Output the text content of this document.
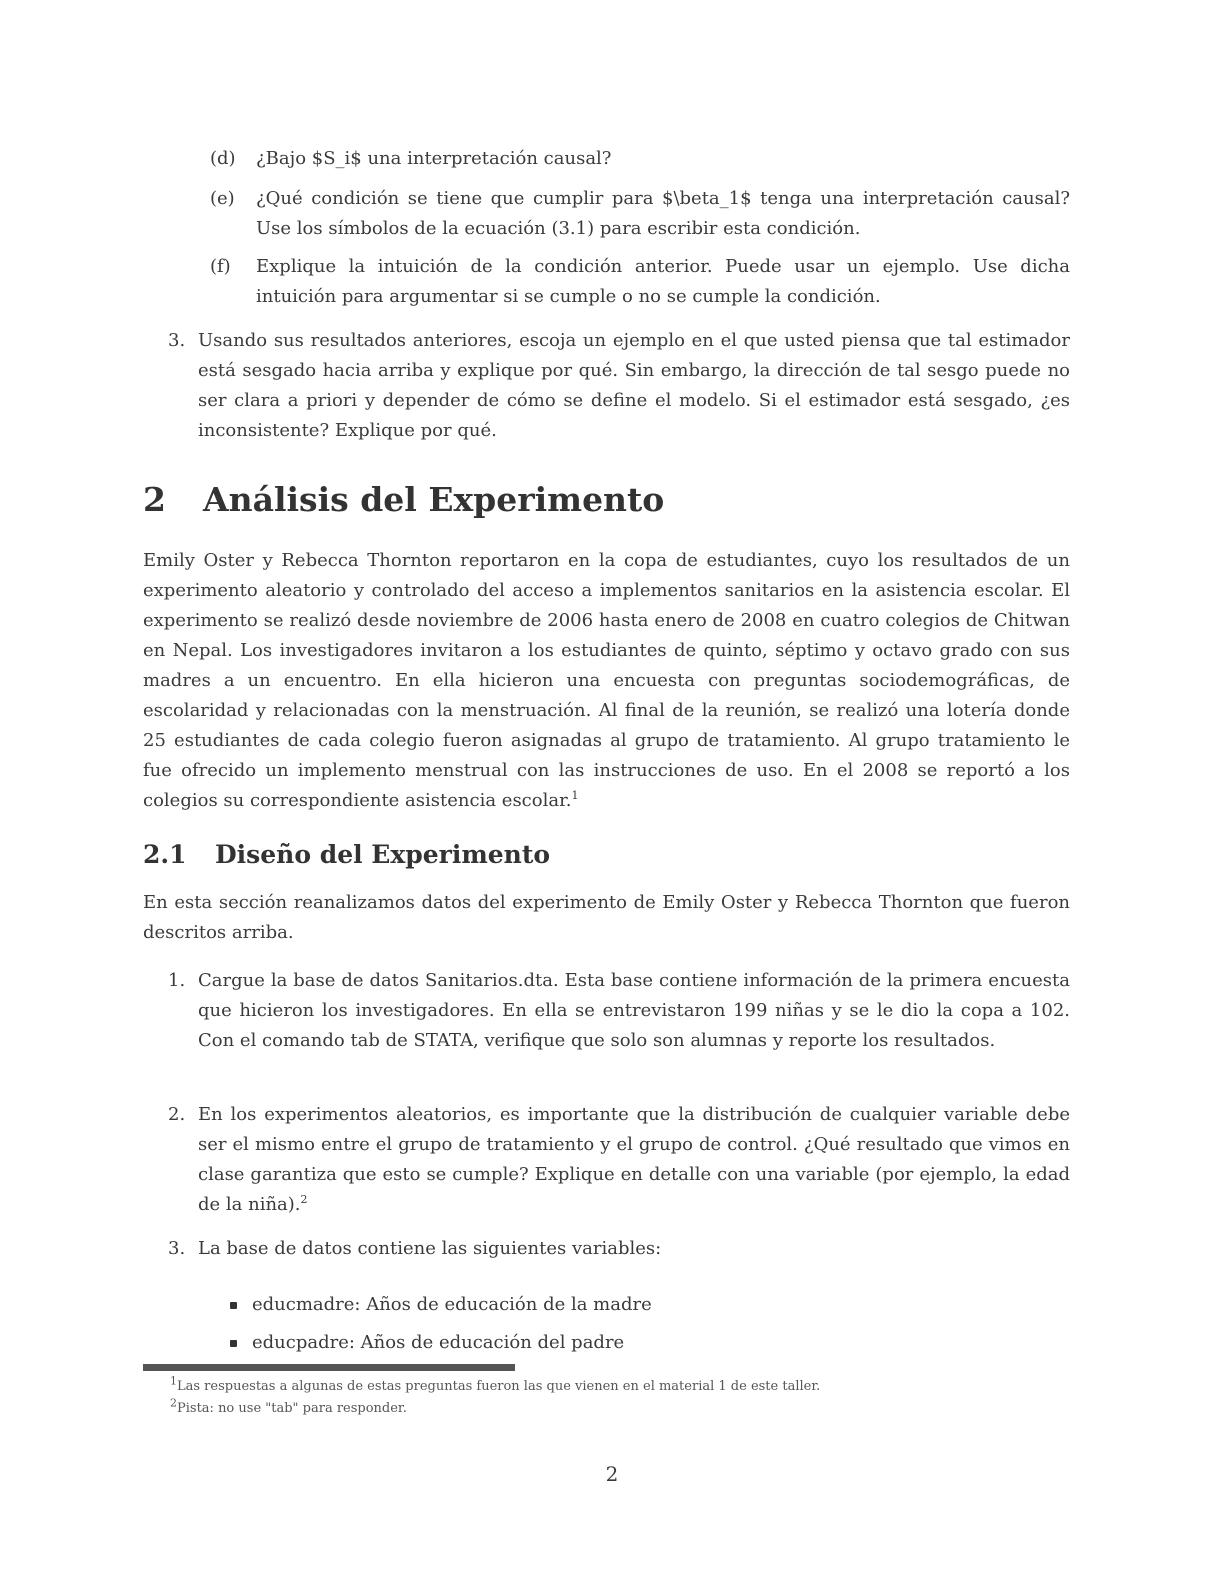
(d)	¿Bajo $S_i$ una interpretación causal?
(e)	¿Qué condición se tiene que cumplir para $\beta_1$ tenga una interpretación causal? Use los símbolos de la ecuación (3.1) para escribir esta condición.
(f)	Explique la intuición de la condición anterior. Puede usar un ejemplo. Use dicha intuición para argumentar si se cumple o no se cumple la condición.
3. Usando sus resultados anteriores, escoja un ejemplo en el que usted piensa que tal estimador está sesgado hacia arriba y explique por qué. Sin embargo, la dirección de tal sesgo puede no ser clara a priori y depender de cómo se define el modelo. Si el estimador está sesgado, ¿es inconsistente? Explique por qué.
2 Análisis del Experimento
Emily Oster y Rebecca Thornton reportaron en la copa de estudiantes, cuyo los resultados de un experimento aleatorio y controlado del acceso a implementos sanitarios en la asistencia escolar. El experimento se realizó desde noviembre de 2006 hasta enero de 2008 en cuatro colegios de Chitwan en Nepal. Los investigadores invitaron a los estudiantes de quinto, séptimo y octavo grado con sus madres a un encuentro. En ella hicieron una encuesta con preguntas sociodemográficas, de escolaridad y relacionadas con la menstruación. Al final de la reunión, se realizó una lotería donde 25 estudiantes de cada colegio fueron asignadas al grupo de tratamiento. Al grupo tratamiento le fue ofrecido un implemento menstrual con las instrucciones de uso. En el 2008 se reportó a los colegios su correspondiente asistencia escolar.$^1$
2.1 Diseño del Experimento
En esta sección reanalizamos datos del experimento de Emily Oster y Rebecca Thornton que fueron descritos arriba.
1. Cargue la base de datos Sanitarios.dta. Esta base contiene información de la primera encuesta que hicieron los investigadores. En ella se entrevistaron 199 niñas y se le dio la copa a 102. Con el comando tab de STATA, verifique que solo son alumnas y reporte los resultados.
2. En los experimentos aleatorios, es importante que la distribución de cualquier variable debe ser el mismo entre el grupo de tratamiento y el grupo de control. ¿Qué resultado que vimos en clase garantiza que esto se cumple? Explique en detalle con una variable (por ejemplo, la edad de la niña).$^2$
3. La base de datos contiene las siguientes variables:
educmadre: Años de educación de la madre
educpadre: Años de educación del padre
$^1$Las respuestas a algunas de estas preguntas fueron las que vienen en el material 1 de este taller.
$^2$Pista: no use "tab" para responder.
2
